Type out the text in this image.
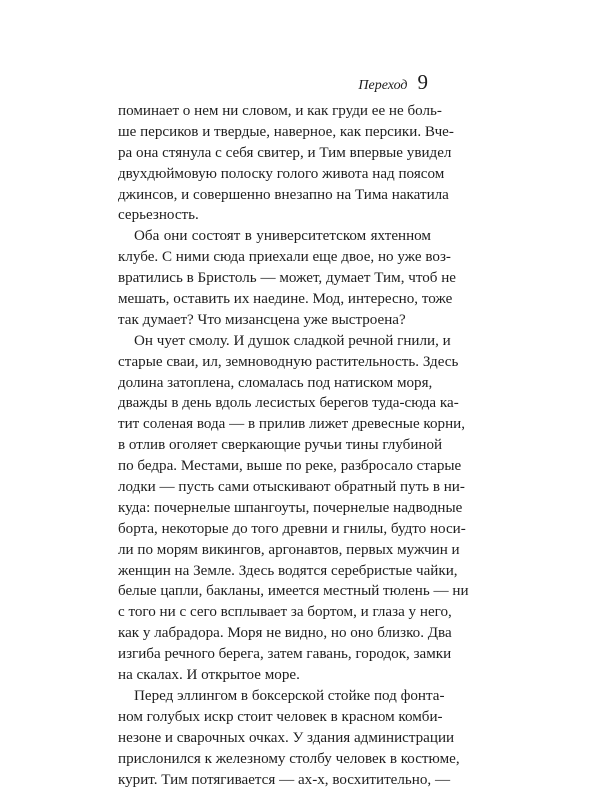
Переход 9
поминает о нем ни словом, и как груди ее не боль-
ше персиков и твердые, наверное, как персики. Вче-
ра она стянула с себя свитер, и Тим впервые увидел
двухдюймовую полоску голого живота над поясом
джинсов, и совершенно внезапно на Тима накатила
серьезность.
Оба они состоят в университетском яхтенном
клубе. С ними сюда приехали еще двое, но уже воз-
вратились в Бристоль — может, думает Тим, чтоб не
мешать, оставить их наедине. Мод, интересно, тоже
так думает? Что мизансцена уже выстроена?
Он чует смолу. И душок сладкой речной гнили, и
старые сваи, ил, земноводную растительность. Здесь
долина затоплена, сломалась под натиском моря,
дважды в день вдоль лесистых берегов туда-сюда ка-
тит соленая вода — в прилив лижет древесные корни,
в отлив оголяет сверкающие ручьи тины глубиной
по бедра. Местами, выше по реке, разбросало старые
лодки — пусть сами отыскивают обратный путь в ни-
куда: почернелые шпангоуты, почернелые надводные
борта, некоторые до того древни и гнилы, будто носи-
ли по морям викингов, аргонавтов, первых мужчин и
женщин на Земле. Здесь водятся серебристые чайки,
белые цапли, бакланы, имеется местный тюлень — ни
с того ни с сего всплывает за бортом, и глаза у него,
как у лабрадора. Моря не видно, но оно близко. Два
изгиба речного берега, затем гавань, городок, замки
на скалах. И открытое море.
Перед эллингом в боксерской стойке под фонта-
ном голубых искр стоит человек в красном комби-
незоне и сварочных очках. У здания администрации
прислонился к железному столбу человек в костюме,
курит. Тим потягивается — ах-х, восхитительно, —
